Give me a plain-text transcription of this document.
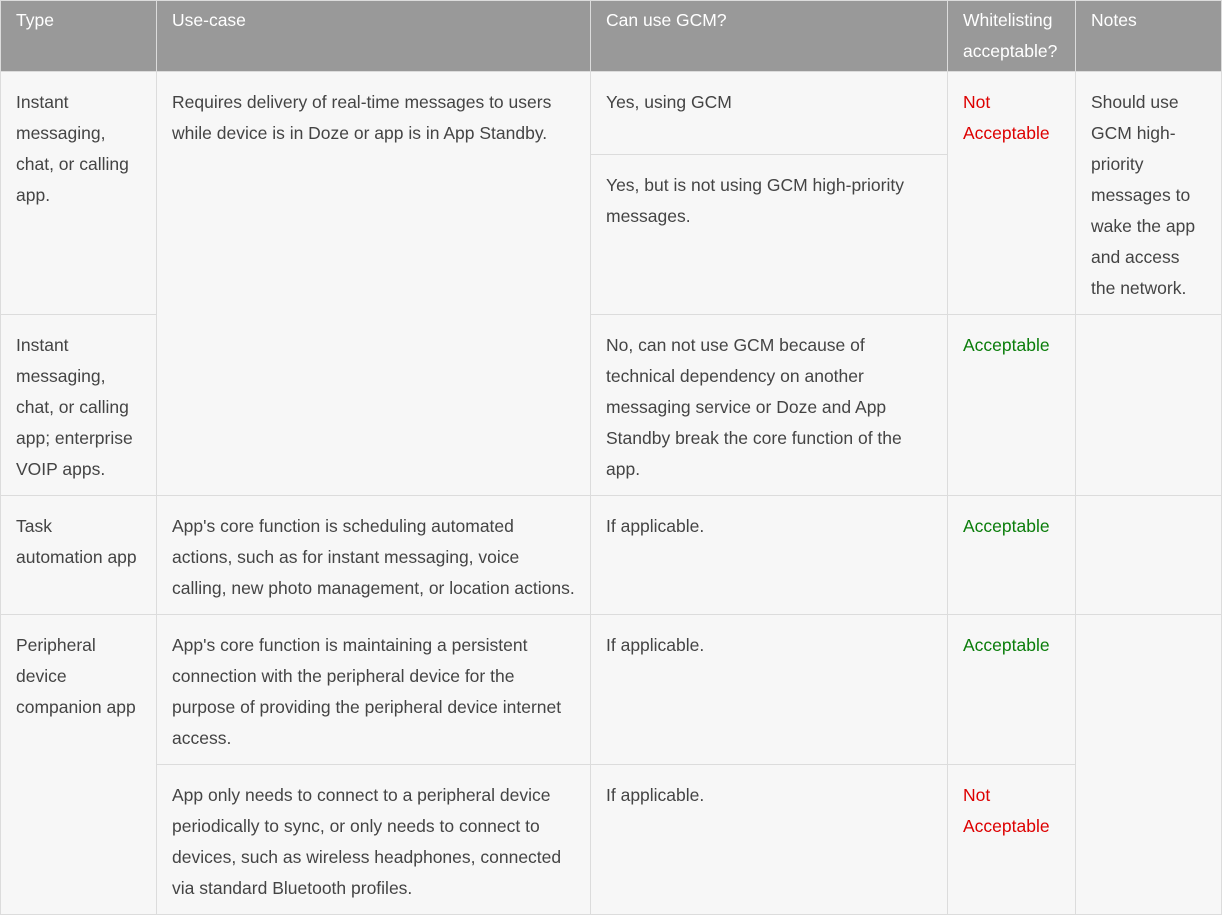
Type	Use-case	Can use GCM?	Whitelisting acceptable?	Notes
Instant messaging, chat, or calling app.	Requires delivery of real-time messages to users while device is in Doze or app is in App Standby.	Yes, using GCM	Not Acceptable	Should use GCM high-priority messages to wake the app and access the network.
		Yes, but is not using GCM high-priority messages.		
Instant messaging, chat, or calling app; enterprise VOIP apps.		No, can not use GCM because of technical dependency on another messaging service or Doze and App Standby break the core function of the app.	Acceptable	
Task automation app	App's core function is scheduling automated actions, such as for instant messaging, voice calling, new photo management, or location actions.	If applicable.	Acceptable	
Peripheral device companion app	App's core function is maintaining a persistent connection with the peripheral device for the purpose of providing the peripheral device internet access.	If applicable.	Acceptable	
	App only needs to connect to a peripheral device periodically to sync, or only needs to connect to devices, such as wireless headphones, connected via standard Bluetooth profiles.	If applicable.	Not Acceptable	
